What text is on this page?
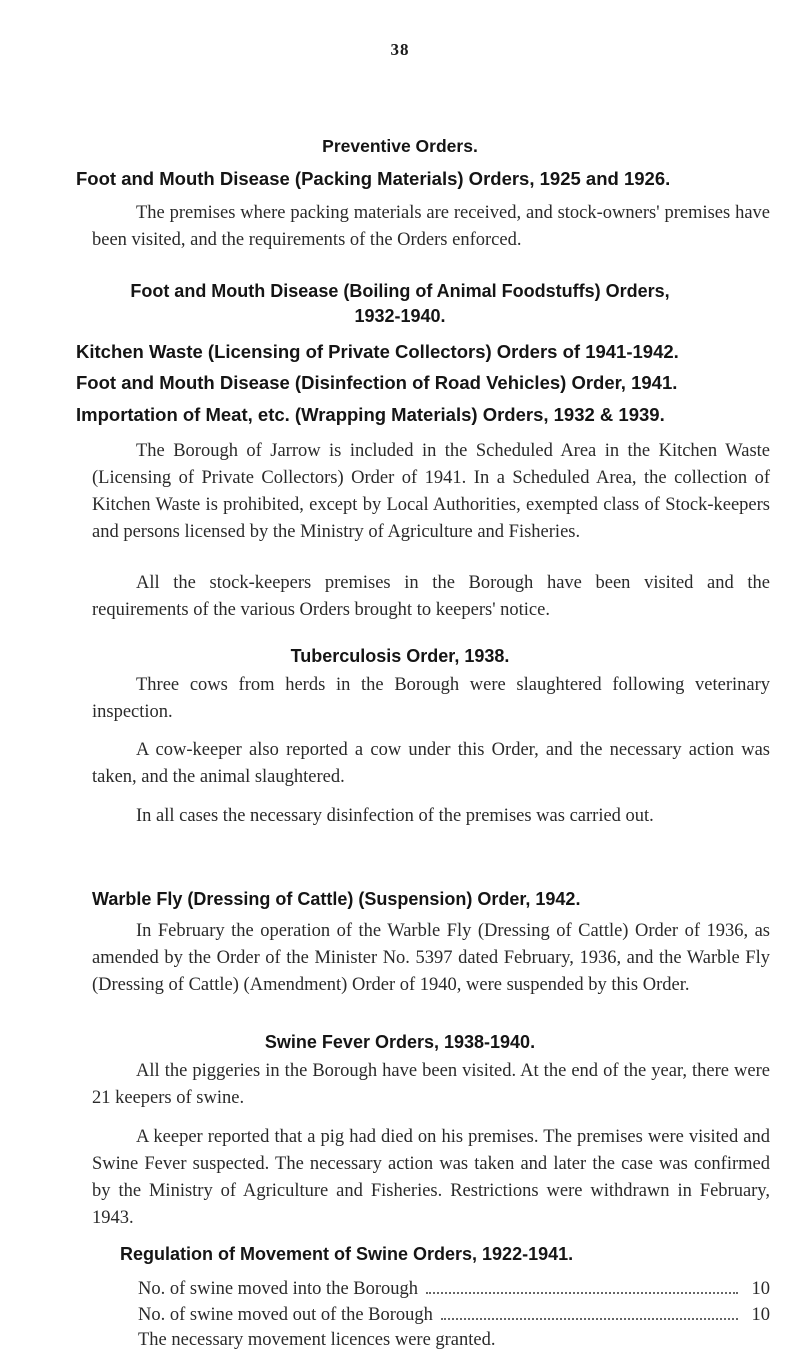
38
Preventive Orders.
Foot and Mouth Disease (Packing Materials) Orders, 1925 and 1926.

The premises where packing materials are received, and stock-owners' premises have been visited, and the requirements of the Orders enforced.

Foot and Mouth Disease (Boiling of Animal Foodstuffs) Orders,
1932-1940.
Kitchen Waste (Licensing of Private Collectors) Orders of 1941-1942.
Foot and Mouth Disease (Disinfection of Road Vehicles) Order, 1941.
Importation of Meat, etc. (Wrapping Materials) Orders, 1932 & 1939.

The Borough of Jarrow is included in the Scheduled Area in the Kitchen Waste (Licensing of Private Collectors) Order of 1941. In a Scheduled Area, the collection of Kitchen Waste is prohibited, except by Local Authorities, exempted class of Stock-keepers and persons licensed by the Ministry of Agriculture and Fisheries.

All the stock-keepers premises in the Borough have been visited and the requirements of the various Orders brought to keepers' notice.

Tuberculosis Order, 1938.

Three cows from herds in the Borough were slaughtered following veterinary inspection.

A cow-keeper also reported a cow under this Order, and the necessary action was taken, and the animal slaughtered.

In all cases the necessary disinfection of the premises was carried out.

Warble Fly (Dressing of Cattle) (Suspension) Order, 1942.

In February the operation of the Warble Fly (Dressing of Cattle) Order of 1936, as amended by the Order of the Minister No. 5397 dated February, 1936, and the Warble Fly (Dressing of Cattle) (Amendment) Order of 1940, were suspended by this Order.

Swine Fever Orders, 1938-1940.

All the piggeries in the Borough have been visited. At the end of the year, there were 21 keepers of swine.

A keeper reported that a pig had died on his premises. The premises were visited and Swine Fever suspected. The necessary action was taken and later the case was confirmed by the Ministry of Agriculture and Fisheries. Restrictions were withdrawn in February, 1943.

Regulation of Movement of Swine Orders, 1922-1941.
No. of swine moved into the Borough	10
No. of swine moved out of the Borough	10
The necessary movement licences were granted.
